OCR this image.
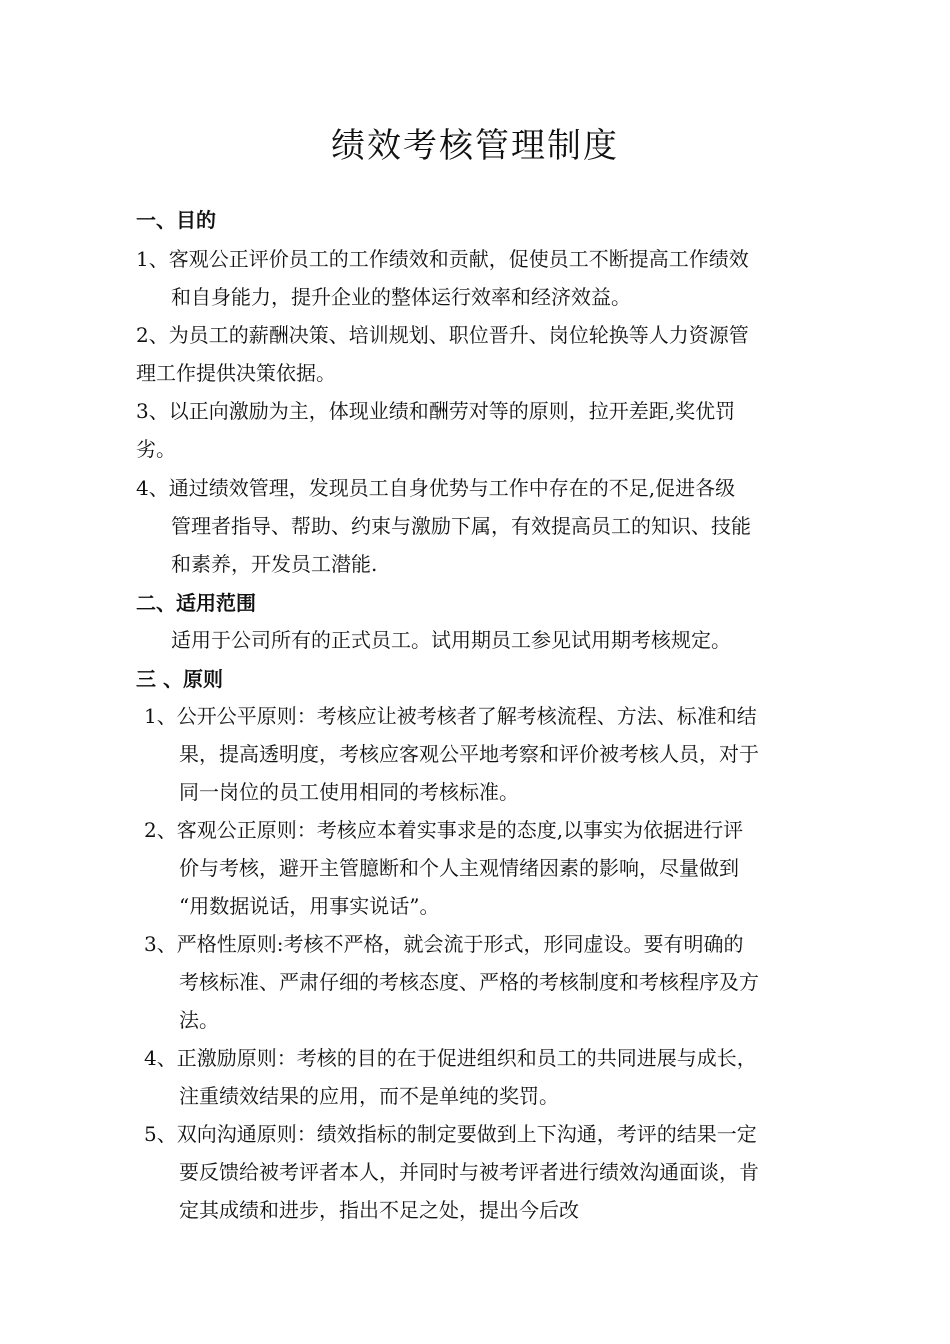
绩效考核管理制度
一、目的
1、客观公正评价员工的工作绩效和贡献，促使员工不断提高工作绩效
和自身能力，提升企业的整体运行效率和经济效益。
2、为员工的薪酬决策、培训规划、职位晋升、岗位轮换等人力资源管
理工作提供决策依据。
3、以正向激励为主，体现业绩和酬劳对等的原则，拉开差距,奖优罚
劣。
4、通过绩效管理，发现员工自身优势与工作中存在的不足,促进各级
管理者指导、帮助、约束与激励下属，有效提高员工的知识、技能
和素养，开发员工潜能.
二、适用范围
适用于公司所有的正式员工。试用期员工参见试用期考核规定。
三 、原则
1、公开公平原则：考核应让被考核者了解考核流程、方法、标准和结
果，提高透明度，考核应客观公平地考察和评价被考核人员，对于
同一岗位的员工使用相同的考核标准。
2、客观公正原则：考核应本着实事求是的态度,以事实为依据进行评
价与考核，避开主管臆断和个人主观情绪因素的影响，尽量做到
“用数据说话，用事实说话”。
3、严格性原则:考核不严格，就会流于形式，形同虚设。要有明确的
考核标准、严肃仔细的考核态度、严格的考核制度和考核程序及方
法。
4、正激励原则：考核的目的在于促进组织和员工的共同进展与成长，
注重绩效结果的应用，而不是单纯的奖罚。
5、双向沟通原则：绩效指标的制定要做到上下沟通，考评的结果一定
要反馈给被考评者本人，并同时与被考评者进行绩效沟通面谈，肯
定其成绩和进步，指出不足之处，提出今后改
